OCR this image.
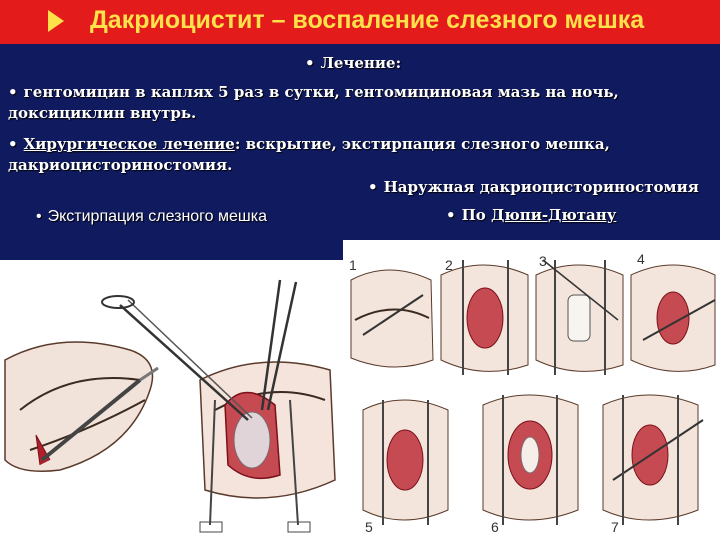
Дакриоцистит – воспаление слезного мешка
• Лечение:
• гентомицин в каплях 5 раз в сутки, гентомициновая мазь на ночь, доксициклин внутрь.
• Хирургическое лечение: вскрытие, экстирпация слезного мешка, дакриоцисториностомия.
• Наружная дакриоцисториностомия
• По Дюпи-Дютану
• Экстирпация слезного мешка
1	2	3	4
5	6	7
